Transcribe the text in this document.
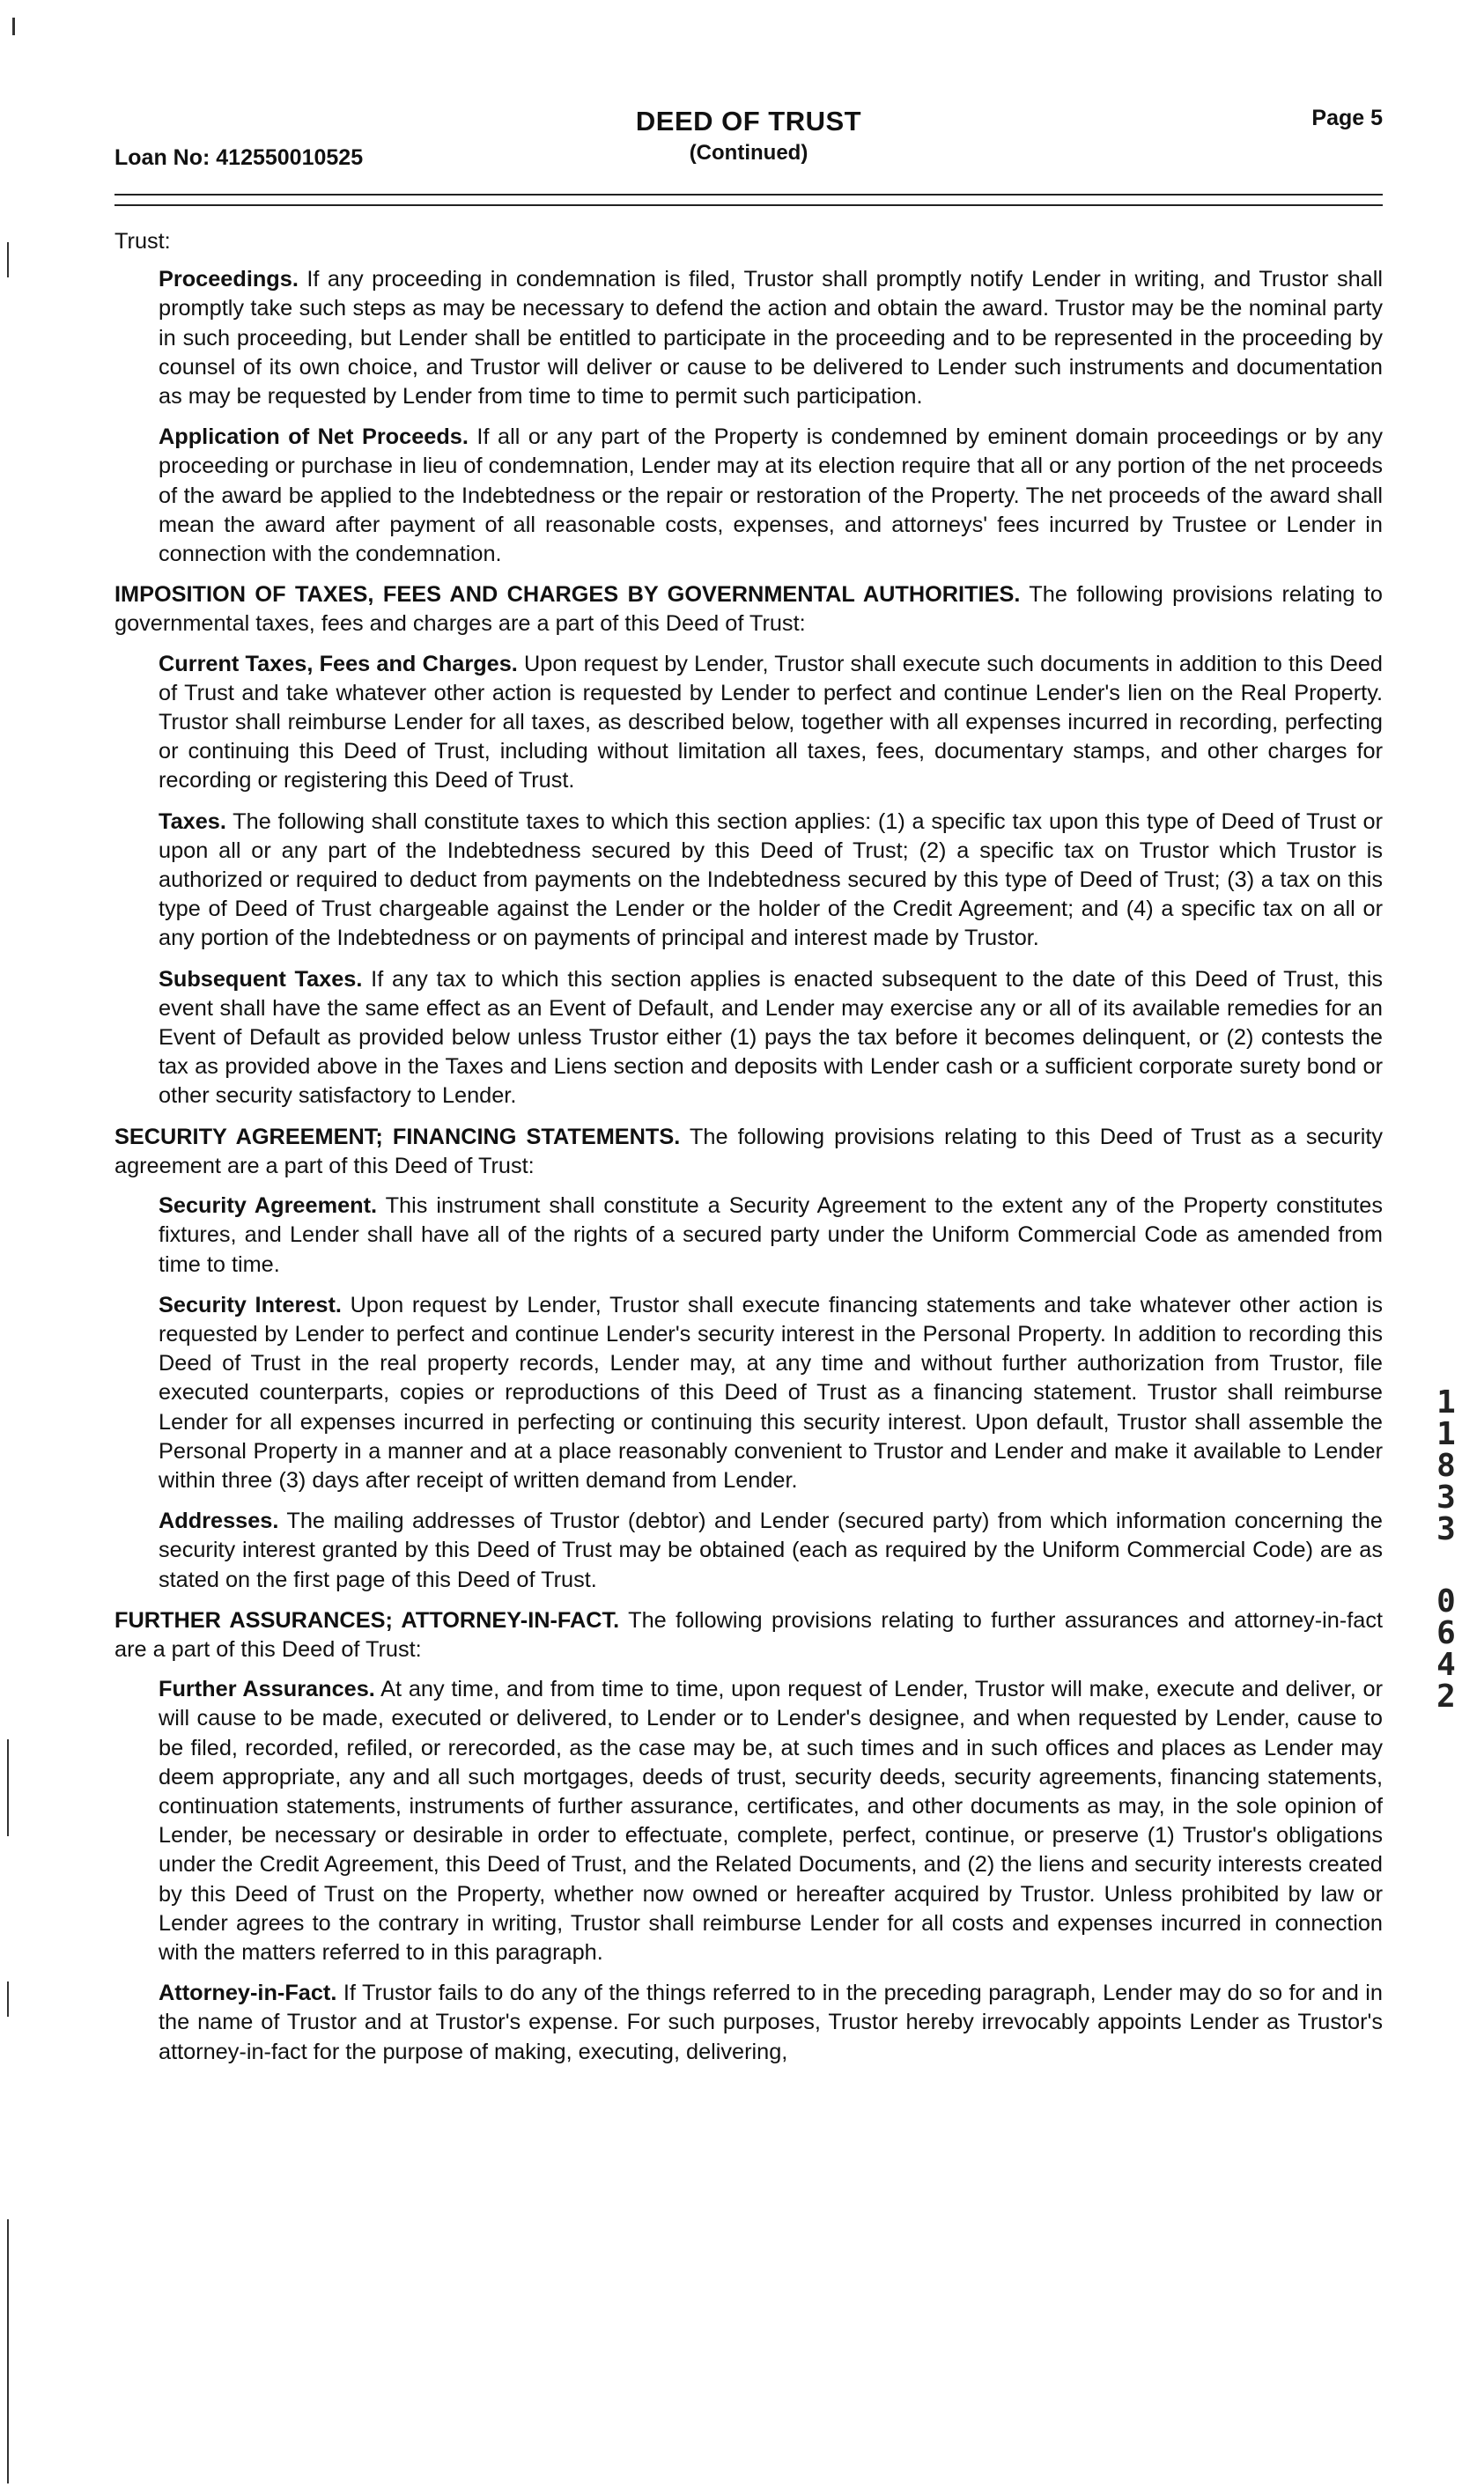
Loan No: 412550010525
DEED OF TRUST
(Continued)
Page 5

Trust:

Proceedings. If any proceeding in condemnation is filed, Trustor shall promptly notify Lender in writing, and Trustor shall promptly take such steps as may be necessary to defend the action and obtain the award. Trustor may be the nominal party in such proceeding, but Lender shall be entitled to participate in the proceeding and to be represented in the proceeding by counsel of its own choice, and Trustor will deliver or cause to be delivered to Lender such instruments and documentation as may be requested by Lender from time to time to permit such participation.

Application of Net Proceeds. If all or any part of the Property is condemned by eminent domain proceedings or by any proceeding or purchase in lieu of condemnation, Lender may at its election require that all or any portion of the net proceeds of the award be applied to the Indebtedness or the repair or restoration of the Property. The net proceeds of the award shall mean the award after payment of all reasonable costs, expenses, and attorneys' fees incurred by Trustee or Lender in connection with the condemnation.

IMPOSITION OF TAXES, FEES AND CHARGES BY GOVERNMENTAL AUTHORITIES. The following provisions relating to governmental taxes, fees and charges are a part of this Deed of Trust:

Current Taxes, Fees and Charges. Upon request by Lender, Trustor shall execute such documents in addition to this Deed of Trust and take whatever other action is requested by Lender to perfect and continue Lender's lien on the Real Property. Trustor shall reimburse Lender for all taxes, as described below, together with all expenses incurred in recording, perfecting or continuing this Deed of Trust, including without limitation all taxes, fees, documentary stamps, and other charges for recording or registering this Deed of Trust.

Taxes. The following shall constitute taxes to which this section applies: (1) a specific tax upon this type of Deed of Trust or upon all or any part of the Indebtedness secured by this Deed of Trust; (2) a specific tax on Trustor which Trustor is authorized or required to deduct from payments on the Indebtedness secured by this type of Deed of Trust; (3) a tax on this type of Deed of Trust chargeable against the Lender or the holder of the Credit Agreement; and (4) a specific tax on all or any portion of the Indebtedness or on payments of principal and interest made by Trustor.

Subsequent Taxes. If any tax to which this section applies is enacted subsequent to the date of this Deed of Trust, this event shall have the same effect as an Event of Default, and Lender may exercise any or all of its available remedies for an Event of Default as provided below unless Trustor either (1) pays the tax before it becomes delinquent, or (2) contests the tax as provided above in the Taxes and Liens section and deposits with Lender cash or a sufficient corporate surety bond or other security satisfactory to Lender.

SECURITY AGREEMENT; FINANCING STATEMENTS. The following provisions relating to this Deed of Trust as a security agreement are a part of this Deed of Trust:

Security Agreement. This instrument shall constitute a Security Agreement to the extent any of the Property constitutes fixtures, and Lender shall have all of the rights of a secured party under the Uniform Commercial Code as amended from time to time.

Security Interest. Upon request by Lender, Trustor shall execute financing statements and take whatever other action is requested by Lender to perfect and continue Lender's security interest in the Personal Property. In addition to recording this Deed of Trust in the real property records, Lender may, at any time and without further authorization from Trustor, file executed counterparts, copies or reproductions of this Deed of Trust as a financing statement. Trustor shall reimburse Lender for all expenses incurred in perfecting or continuing this security interest. Upon default, Trustor shall assemble the Personal Property in a manner and at a place reasonably convenient to Trustor and Lender and make it available to Lender within three (3) days after receipt of written demand from Lender.

Addresses. The mailing addresses of Trustor (debtor) and Lender (secured party) from which information concerning the security interest granted by this Deed of Trust may be obtained (each as required by the Uniform Commercial Code) are as stated on the first page of this Deed of Trust.

FURTHER ASSURANCES; ATTORNEY-IN-FACT. The following provisions relating to further assurances and attorney-in-fact are a part of this Deed of Trust:

Further Assurances. At any time, and from time to time, upon request of Lender, Trustor will make, execute and deliver, or will cause to be made, executed or delivered, to Lender or to Lender's designee, and when requested by Lender, cause to be filed, recorded, refiled, or rerecorded, as the case may be, at such times and in such offices and places as Lender may deem appropriate, any and all such mortgages, deeds of trust, security deeds, security agreements, financing statements, continuation statements, instruments of further assurance, certificates, and other documents as may, in the sole opinion of Lender, be necessary or desirable in order to effectuate, complete, perfect, continue, or preserve (1) Trustor's obligations under the Credit Agreement, this Deed of Trust, and the Related Documents, and (2) the liens and security interests created by this Deed of Trust on the Property, whether now owned or hereafter acquired by Trustor. Unless prohibited by law or Lender agrees to the contrary in writing, Trustor shall reimburse Lender for all costs and expenses incurred in connection with the matters referred to in this paragraph.

Attorney-in-Fact. If Trustor fails to do any of the things referred to in the preceding paragraph, Lender may do so for and in the name of Trustor and at Trustor's expense. For such purposes, Trustor hereby irrevocably appoints Lender as Trustor's attorney-in-fact for the purpose of making, executing, delivering,

1
1
8
3
3
0
6
4
2
